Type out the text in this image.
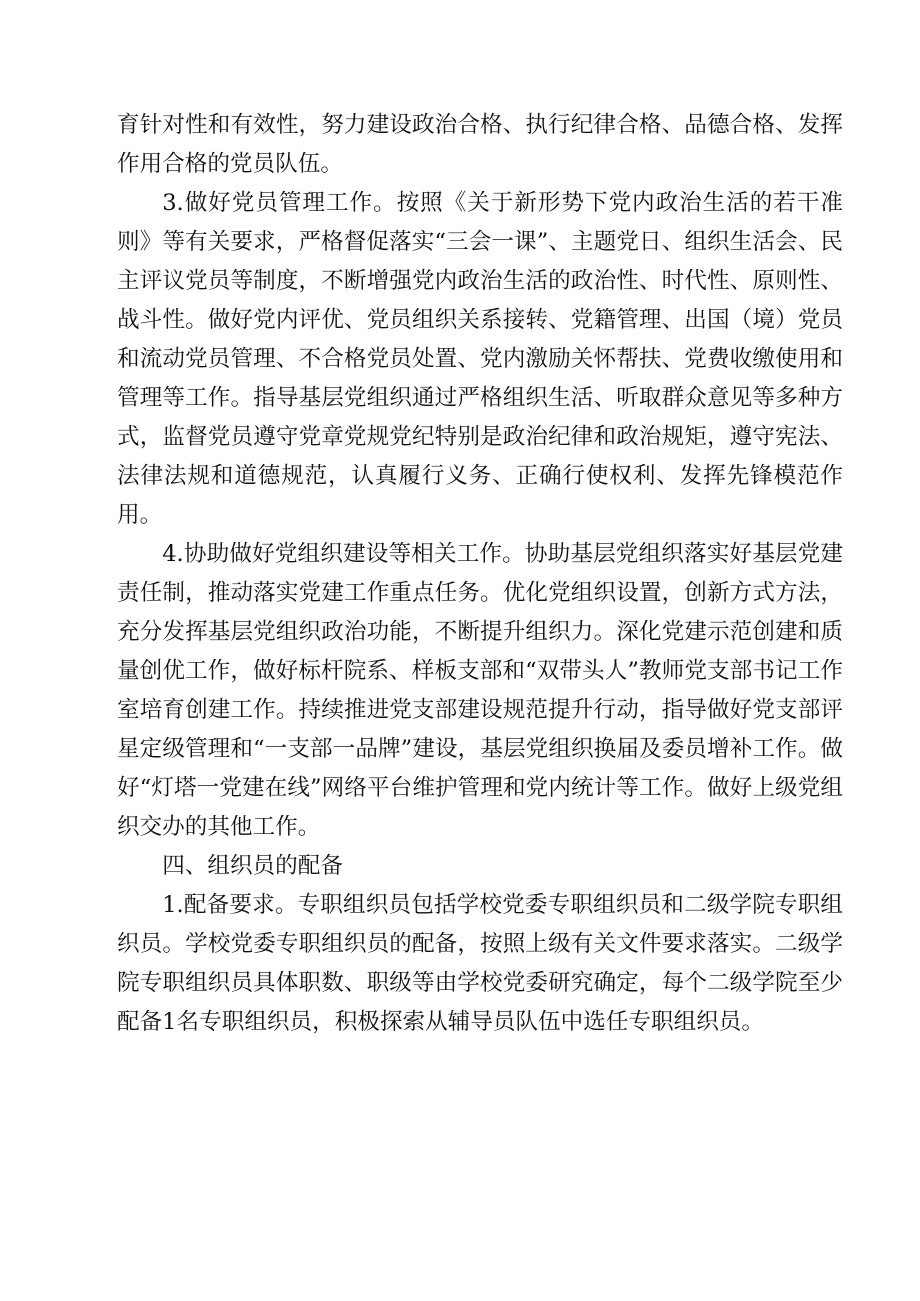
育针对性和有效性，努力建设政治合格、执行纪律合格、品德合格、发挥作用合格的党员队伍。

3.做好党员管理工作。按照《关于新形势下党内政治生活的若干准则》等有关要求，严格督促落实“三会一课”、主题党日、组织生活会、民主评议党员等制度，不断增强党内政治生活的政治性、时代性、原则性、战斗性。做好党内评优、党员组织关系接转、党籍管理、出国（境）党员和流动党员管理、不合格党员处置、党内激励关怀帮扶、党费收缴使用和管理等工作。指导基层党组织通过严格组织生活、听取群众意见等多种方式，监督党员遵守党章党规党纪特别是政治纪律和政治规矩，遵守宪法、法律法规和道德规范，认真履行义务、正确行使权利、发挥先锋模范作用。

4.协助做好党组织建设等相关工作。协助基层党组织落实好基层党建责任制，推动落实党建工作重点任务。优化党组织设置，创新方式方法，充分发挥基层党组织政治功能，不断提升组织力。深化党建示范创建和质量创优工作，做好标杆院系、样板支部和“双带头人”教师党支部书记工作室培育创建工作。持续推进党支部建设规范提升行动，指导做好党支部评星定级管理和“一支部一品牌”建设，基层党组织换届及委员增补工作。做好“灯塔一党建在线”网络平台维护管理和党内统计等工作。做好上级党组织交办的其他工作。

四、组织员的配备

1.配备要求。专职组织员包括学校党委专职组织员和二级学院专职组织员。学校党委专职组织员的配备，按照上级有关文件要求落实。二级学院专职组织员具体职数、职级等由学校党委研究确定，每个二级学院至少配备1名专职组织员，积极探索从辅导员队伍中选任专职组织员。
